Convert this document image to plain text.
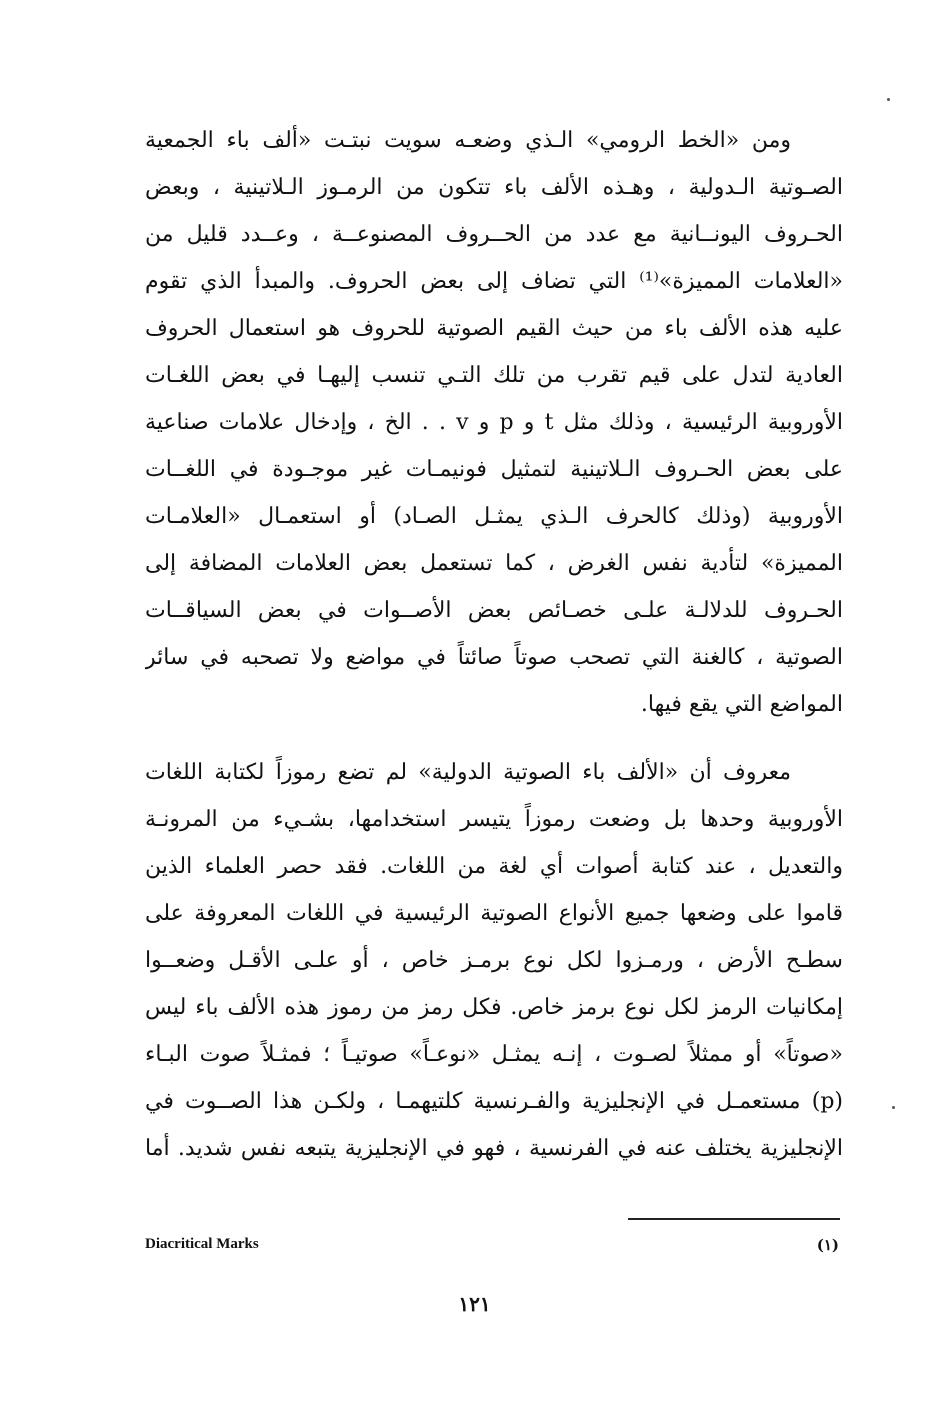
ومن «الخط الرومي» الـذي وضعـه سويت نبتـت «ألف باء الجمعية
الصـوتية الـدولية ، وهـذه الألف باء تتكون من الرمـوز الـلاتينية ، وبعض
الحـروف اليونــانية مع عدد من الحــروف المصنوعــة ، وعــدد قليل من
«العلامات المميزة»⁽¹⁾ التي تضاف إلى بعض الحروف. والمبدأ الذي تقوم
عليه هذه الألف باء من حيث القيم الصوتية للحروف هو استعمال الحروف
العادية لتدل على قيم تقرب من تلك التـي تنسب إليهـا في بعض اللغـات
الأوروبية الرئيسية ، وذلك مثل t و p و v . . الخ ، وإدخال علامات صناعية
على بعض الحـروف الـلاتينية لتمثيل فونيمـات غير موجـودة في اللغــات
الأوروبية (وذلك كالحرف الـذي يمثـل الصـاد) أو استعمـال «العلامـات
المميزة» لتأدية نفس الغرض ، كما تستعمل بعض العلامات المضافة إلى
الحـروف للدلالـة علـى خصـائص بعض الأصــوات في بعض السياقــات
الصوتية ، كالغنة التي تصحب صوتاً صائتاً في مواضع ولا تصحبه في سائر
المواضع التي يقع فيها.
معروف أن «الألف باء الصوتية الدولية» لم تضع رموزاً لكتابة اللغات
الأوروبية وحدها بل وضعت رموزاً يتيسر استخدامها، بشـيء من المرونـة
والتعديل ، عند كتابة أصوات أي لغة من اللغات. فقد حصر العلماء الذين
قاموا على وضعها جميع الأنواع الصوتية الرئيسية في اللغات المعروفة على
سطـح الأرض ، ورمـزوا لكل نوع برمـز خاص ، أو علـى الأقـل وضعــوا
إمكانيات الرمز لكل نوع برمز خاص. فكل رمز من رموز هذه الألف باء ليس
«صوتاً» أو ممثلاً لصـوت ، إنـه يمثـل «نوعـاً» صوتيـاً ؛ فمثـلاً صوت البـاء
(p) مستعمـل في الإنجليزية والفـرنسية كلتيهمـا ، ولكـن هذا الصــوت في
الإنجليزية يختلف عنه في الفرنسية ، فهو في الإنجليزية يتبعه نفس شديد. أما
Diacritical Marks	(١)
١٢١
